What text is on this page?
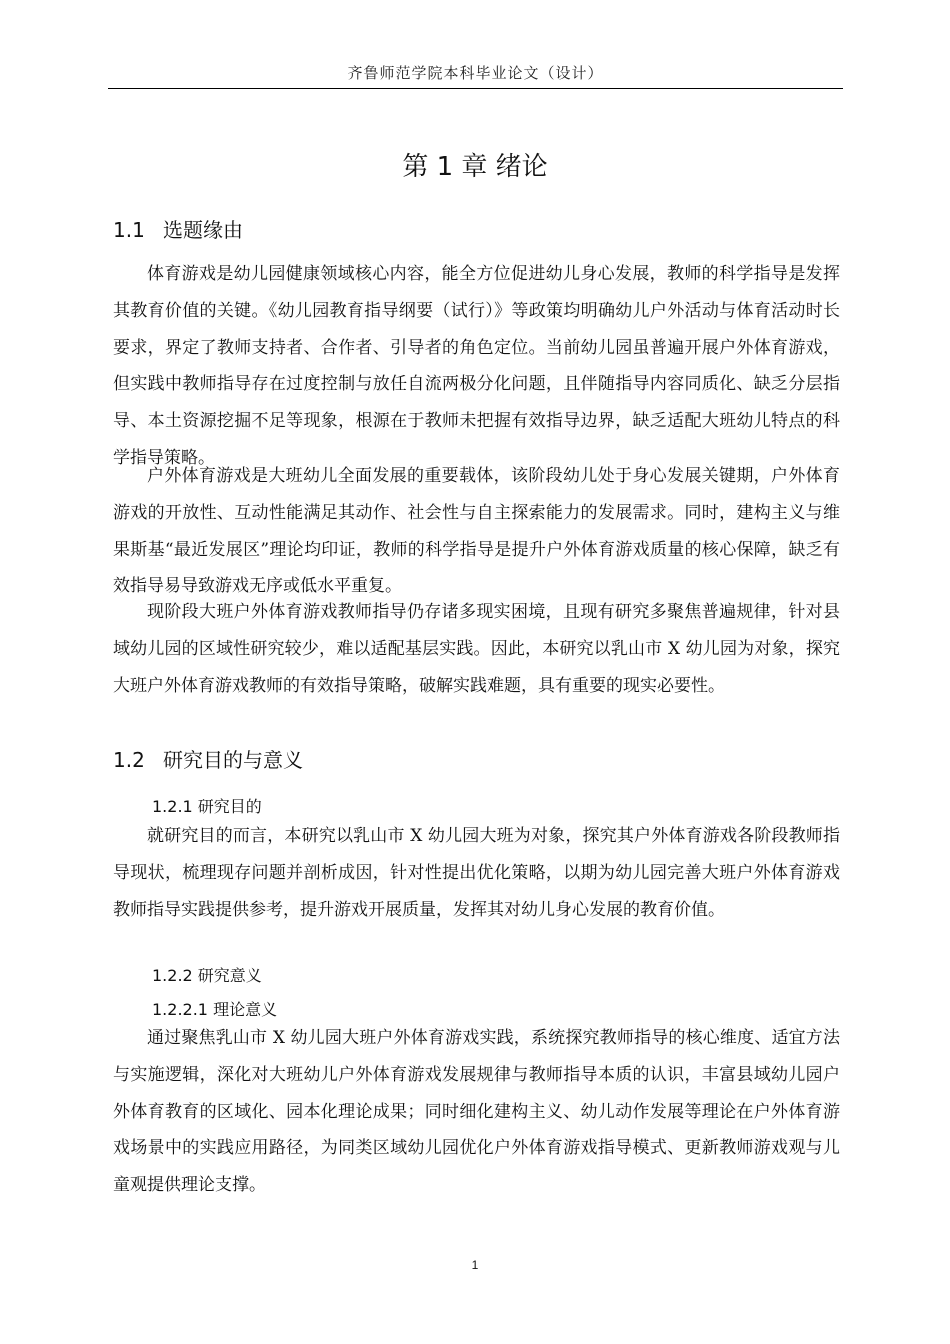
齐鲁师范学院本科毕业论文（设计）
第 1 章 绪论
1.1 选题缘由

体育游戏是幼儿园健康领域核心内容，能全方位促进幼儿身心发展，教师的科学指导是发挥其教育价值的关键。《幼儿园教育指导纲要（试行）》等政策均明确幼儿户外活动与体育活动时长要求，界定了教师支持者、合作者、引导者的角色定位。当前幼儿园虽普遍开展户外体育游戏，但实践中教师指导存在过度控制与放任自流两极分化问题，且伴随指导内容同质化、缺乏分层指导、本土资源挖掘不足等现象，根源在于教师未把握有效指导边界，缺乏适配大班幼儿特点的科学指导策略。

户外体育游戏是大班幼儿全面发展的重要载体，该阶段幼儿处于身心发展关键期，户外体育游戏的开放性、互动性能满足其动作、社会性与自主探索能力的发展需求。同时，建构主义与维果斯基“最近发展区”理论均印证，教师的科学指导是提升户外体育游戏质量的核心保障，缺乏有效指导易导致游戏无序或低水平重复。

现阶段大班户外体育游戏教师指导仍存诸多现实困境，且现有研究多聚焦普遍规律，针对县域幼儿园的区域性研究较少，难以适配基层实践。因此，本研究以乳山市 X 幼儿园为对象，探究大班户外体育游戏教师的有效指导策略，破解实践难题，具有重要的现实必要性。

1.2 研究目的与意义
1.2.1 研究目的

就研究目的而言，本研究以乳山市 X 幼儿园大班为对象，探究其户外体育游戏各阶段教师指导现状，梳理现存问题并剖析成因，针对性提出优化策略，以期为幼儿园完善大班户外体育游戏教师指导实践提供参考，提升游戏开展质量，发挥其对幼儿身心发展的教育价值。

1.2.2 研究意义
1.2.2.1 理论意义

通过聚焦乳山市 X 幼儿园大班户外体育游戏实践，系统探究教师指导的核心维度、适宜方法与实施逻辑，深化对大班幼儿户外体育游戏发展规律与教师指导本质的认识，丰富县域幼儿园户外体育教育的区域化、园本化理论成果；同时细化建构主义、幼儿动作发展等理论在户外体育游戏场景中的实践应用路径，为同类区域幼儿园优化户外体育游戏指导模式、更新教师游戏观与儿童观提供理论支撑。

1
